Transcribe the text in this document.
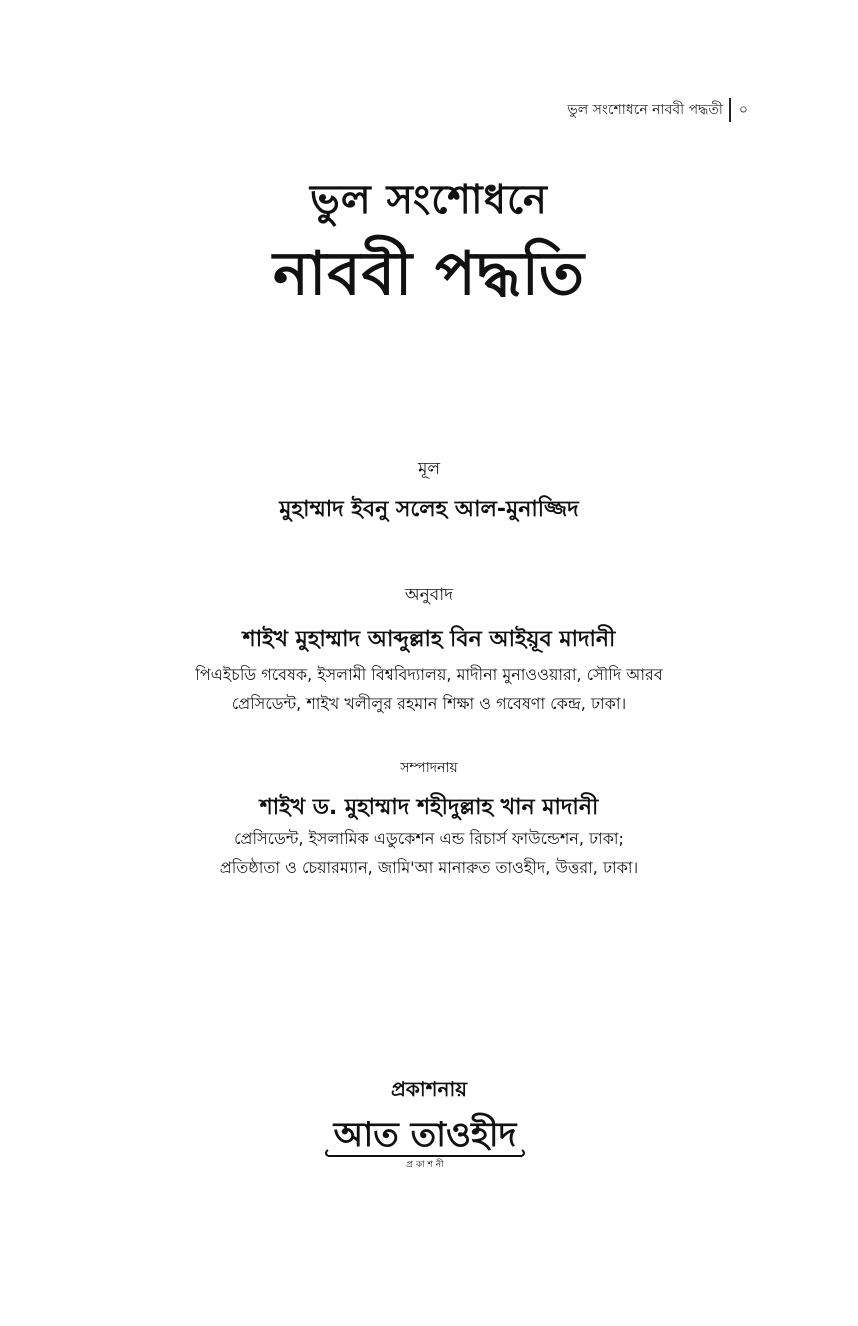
ভুল সংশোধনে নাববী পদ্ধতী ০
ভুল সংশোধনে
নাববী পদ্ধতি
মূল
মুহাম্মাদ ইবনু সলেহ আল-মুনাজ্জিদ
অনুবাদ
শাইখ মুহাম্মাদ আব্দুল্লাহ বিন আইয়ূব মাদানী
পিএইচডি গবেষক, ইসলামী বিশ্ববিদ্যালয়, মাদীনা মুনাওওয়ারা, সৌদি আরব
প্রেসিডেন্ট, শাইখ খলীলুর রহমান শিক্ষা ও গবেষণা কেন্দ্র, ঢাকা।
সম্পাদনায়
শাইখ ড. মুহাম্মাদ শহীদুল্লাহ খান মাদানী
প্রেসিডেন্ট, ইসলামিক এডুকেশন এন্ড রিচার্স ফাউন্ডেশন, ঢাকা;
প্রতিষ্ঠাতা ও চেয়ারম্যান, জামি'আ মানারুত তাওহীদ, উত্তরা, ঢাকা।
প্রকাশনায়
আত তাওহীদ
প্র কা শ নী
